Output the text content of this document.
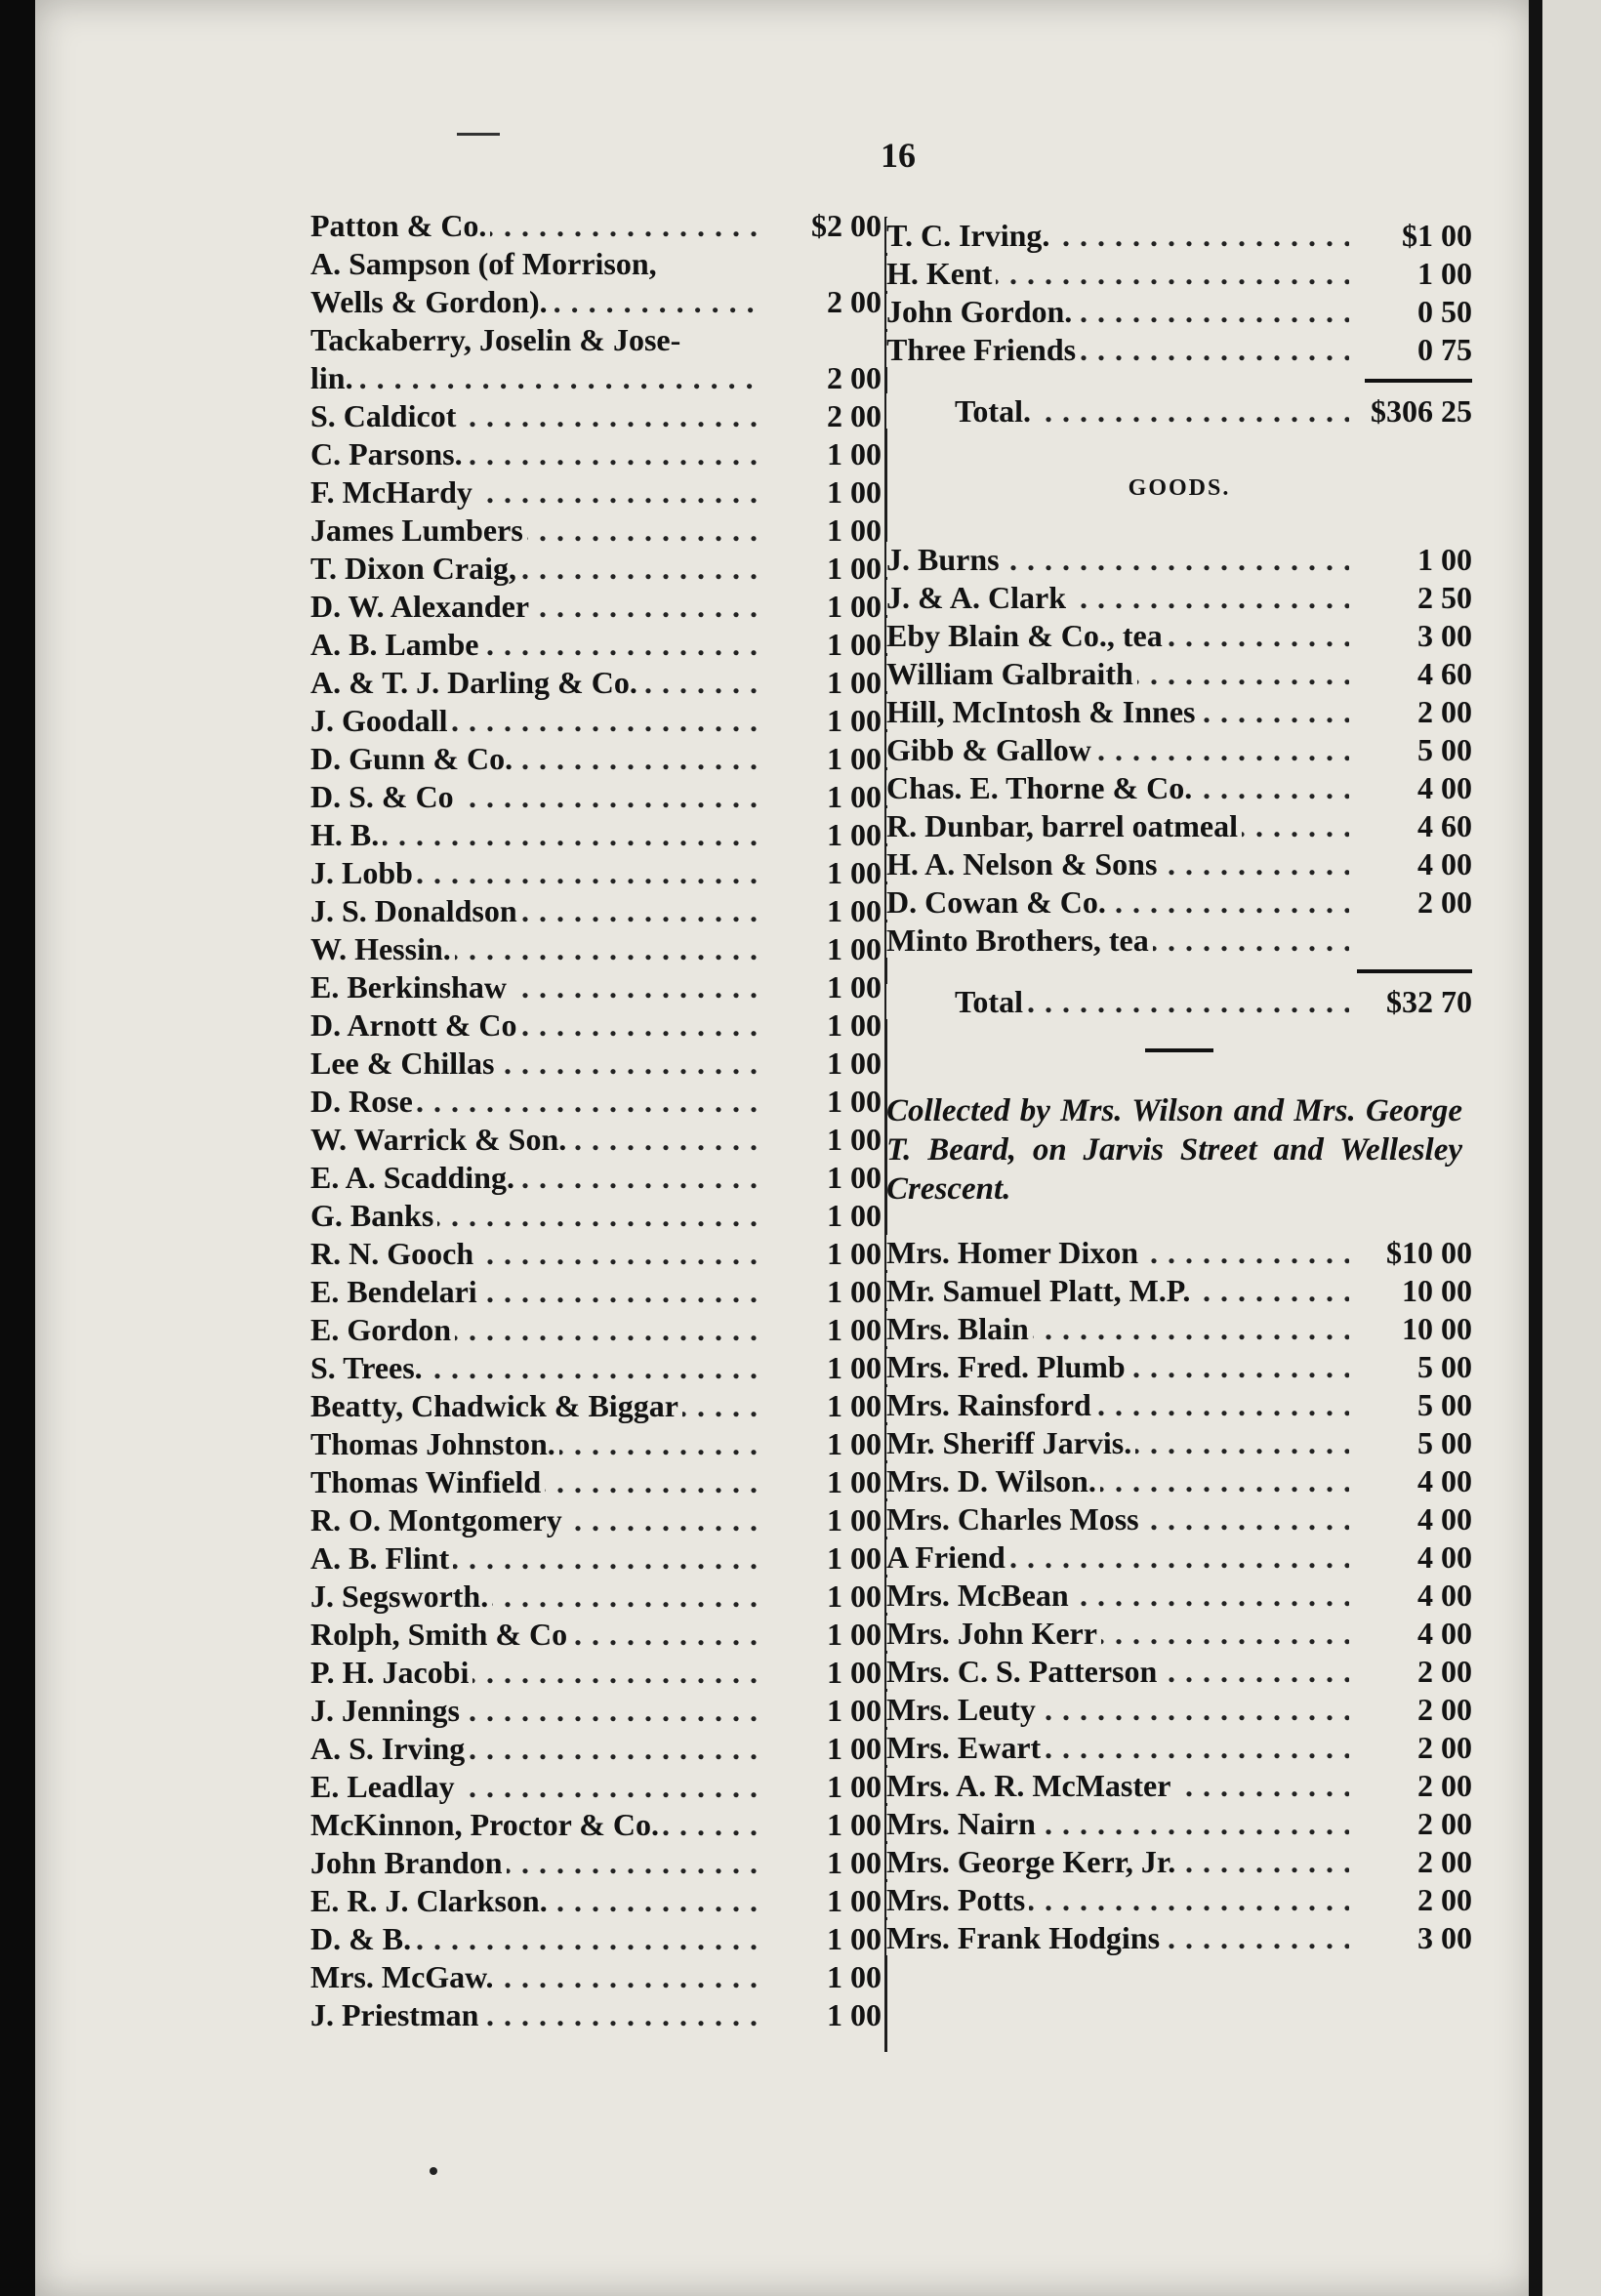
16
Patton & Co. . . .	$2 00
A. Sampson (of Morrison,
Wells & Gordon). . . .	2 00
Tackaberry, Joselin & Jose-
lin. . . .	2 00
S. Caldicot . . .	2 00
C. Parsons. . . .	1 00
F. McHardy . . .	1 00
James Lumbers . . .	1 00
T. Dixon Craig, . . .	1 00
D. W. Alexander . . .	1 00
A. B. Lambe . . .	1 00
A. & T. J. Darling & Co. . . .	1 00
J. Goodall . . .	1 00
D. Gunn & Co. . . .	1 00
D. S. & Co . . .	1 00
H. B. . . .	1 00
J. Lobb . . .	1 00
J. S. Donaldson . . .	1 00
W. Hessin. . . .	1 00
E. Berkinshaw . . .	1 00
D. Arnott & Co . . .	1 00
Lee & Chillas . . .	1 00
D. Rose . . .	1 00
W. Warrick & Son. . . .	1 00
E. A. Scadding. . . .	1 00
G. Banks . . .	1 00
R. N. Gooch . . .	1 00
E. Bendelari . . .	1 00
E. Gordon . . .	1 00
S. Trees. . . .	1 00
Beatty, Chadwick & Biggar . . .	1 00
Thomas Johnston. . . .	1 00
Thomas Winfield . . .	1 00
R. O. Montgomery . . .	1 00
A. B. Flint . . .	1 00
J. Segsworth. . . .	1 00
Rolph, Smith & Co . . .	1 00
P. H. Jacobi . . .	1 00
J. Jennings . . .	1 00
A. S. Irving . . .	1 00
E. Leadlay . . .	1 00
McKinnon, Proctor & Co. . . .	1 00
John Brandon . . .	1 00
E. R. J. Clarkson. . . .	1 00
D. & B. . . .	1 00
Mrs. McGaw. . . .	1 00
J. Priestman . . .	1 00
T. C. Irving. . . .	$1 00
H. Kent . . .	1 00
John Gordon. . . .	0 50
Three Friends . . .	0 75
Total. . . .	$306 25
GOODS.
J. Burns . . .	1 00
J. & A. Clark . . .	2 50
Eby Blain & Co., tea . . .	3 00
William Galbraith . . .	4 60
Hill, McIntosh & Innes . . .	2 00
Gibb & Gallow . . .	5 00
Chas. E. Thorne & Co. . . .	4 00
R. Dunbar, barrel oatmeal . . .	4 60
H. A. Nelson & Sons . . .	4 00
D. Cowan & Co. . . .	2 00
Minto Brothers, tea . . .
Total . . .	$32 70
Collected by Mrs. Wilson and Mrs. George T. Beard, on Jarvis Street and Wellesley Crescent.
Mrs. Homer Dixon . . .	$10 00
Mr. Samuel Platt, M.P. . . .	10 00
Mrs. Blain . . .	10 00
Mrs. Fred. Plumb . . .	5 00
Mrs. Rainsford . . .	5 00
Mr. Sheriff Jarvis. . . .	5 00
Mrs. D. Wilson. . . .	4 00
Mrs. Charles Moss . . .	4 00
A Friend . . .	4 00
Mrs. McBean . . .	4 00
Mrs. John Kerr . . .	4 00
Mrs. C. S. Patterson . . .	2 00
Mrs. Leuty . . .	2 00
Mrs. Ewart . . .	2 00
Mrs. A. R. McMaster . . .	2 00
Mrs. Nairn . . .	2 00
Mrs. George Kerr, Jr. . . .	2 00
Mrs. Potts . . .	2 00
Mrs. Frank Hodgins . . .	3 00
